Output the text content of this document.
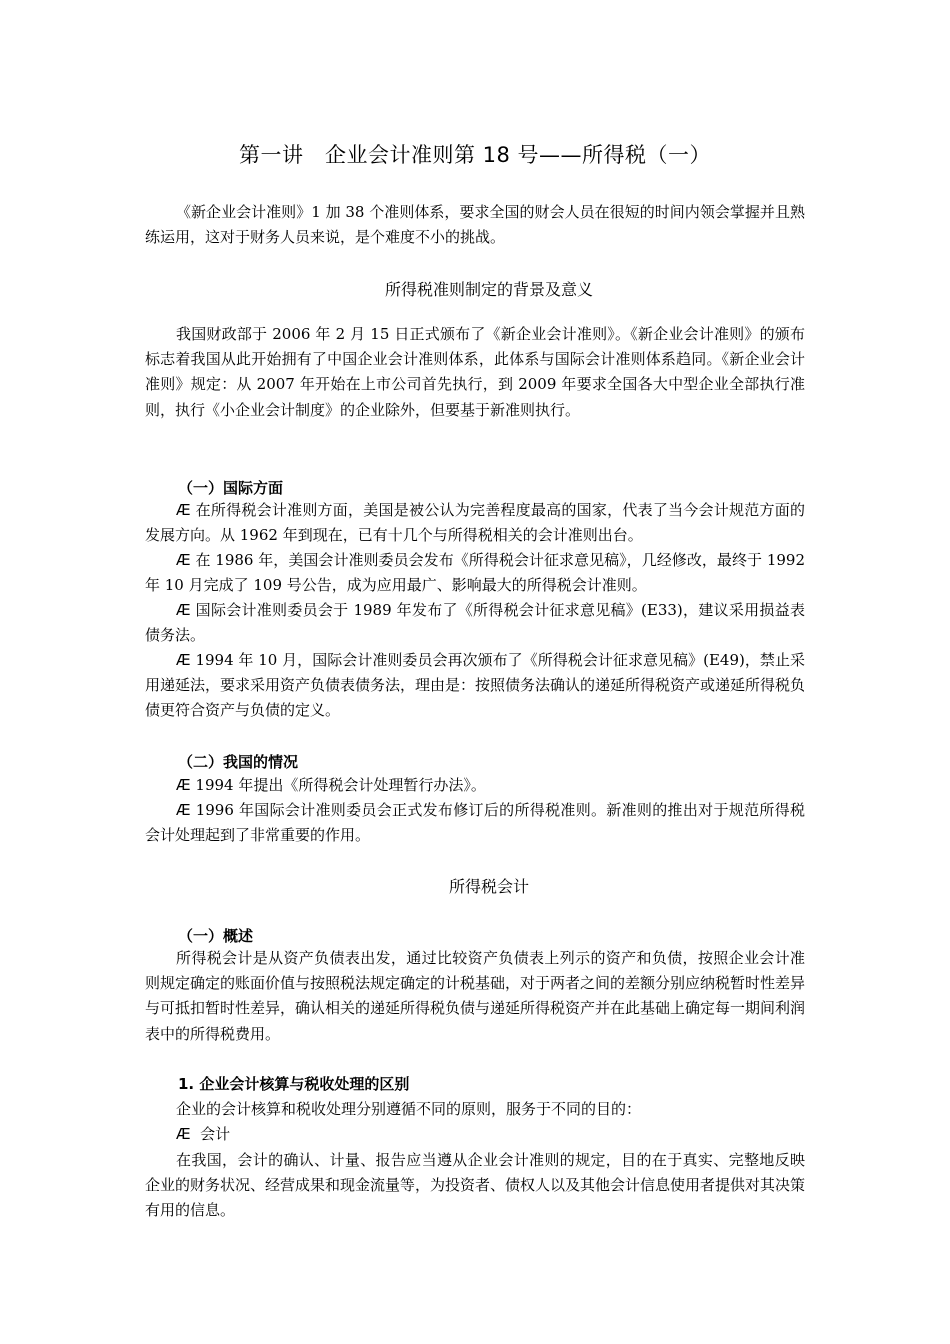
第一讲　企业会计准则第 18 号——所得税（一）

《新企业会计准则》1 加 38 个准则体系，要求全国的财会人员在很短的时间内领会掌握并且熟练运用，这对于财务人员来说，是个难度不小的挑战。

所得税准则制定的背景及意义

我国财政部于 2006 年 2 月 15 日正式颁布了《新企业会计准则》。《新企业会计准则》的颁布标志着我国从此开始拥有了中国企业会计准则体系，此体系与国际会计准则体系趋同。《新企业会计准则》规定：从 2007 年开始在上市公司首先执行，到 2009 年要求全国各大中型企业全部执行准则，执行《小企业会计制度》的企业除外，但要基于新准则执行。

（一）国际方面

Æ 在所得税会计准则方面，美国是被公认为完善程度最高的国家，代表了当今会计规范方面的发展方向。从 1962 年到现在，已有十几个与所得税相关的会计准则出台。

Æ 在 1986 年，美国会计准则委员会发布《所得税会计征求意见稿》，几经修改，最终于 1992 年 10 月完成了 109 号公告，成为应用最广、影响最大的所得税会计准则。

Æ 国际会计准则委员会于 1989 年发布了《所得税会计征求意见稿》(E33)，建议采用损益表债务法。

Æ 1994 年 10 月，国际会计准则委员会再次颁布了《所得税会计征求意见稿》(E49)，禁止采用递延法，要求采用资产负债表债务法，理由是：按照债务法确认的递延所得税资产或递延所得税负债更符合资产与负债的定义。

（二）我国的情况

Æ 1994 年提出《所得税会计处理暂行办法》。

Æ 1996 年国际会计准则委员会正式发布修订后的所得税准则。新准则的推出对于规范所得税会计处理起到了非常重要的作用。

所得税会计

（一）概述

所得税会计是从资产负债表出发，通过比较资产负债表上列示的资产和负债，按照企业会计准则规定确定的账面价值与按照税法规定确定的计税基础，对于两者之间的差额分别应纳税暂时性差异与可抵扣暂时性差异，确认相关的递延所得税负债与递延所得税资产并在此基础上确定每一期间利润表中的所得税费用。

1. 企业会计核算与税收处理的区别

企业的会计核算和税收处理分别遵循不同的原则，服务于不同的目的：

Æ 会计

在我国，会计的确认、计量、报告应当遵从企业会计准则的规定，目的在于真实、完整地反映企业的财务状况、经营成果和现金流量等，为投资者、债权人以及其他会计信息使用者提供对其决策有用的信息。
